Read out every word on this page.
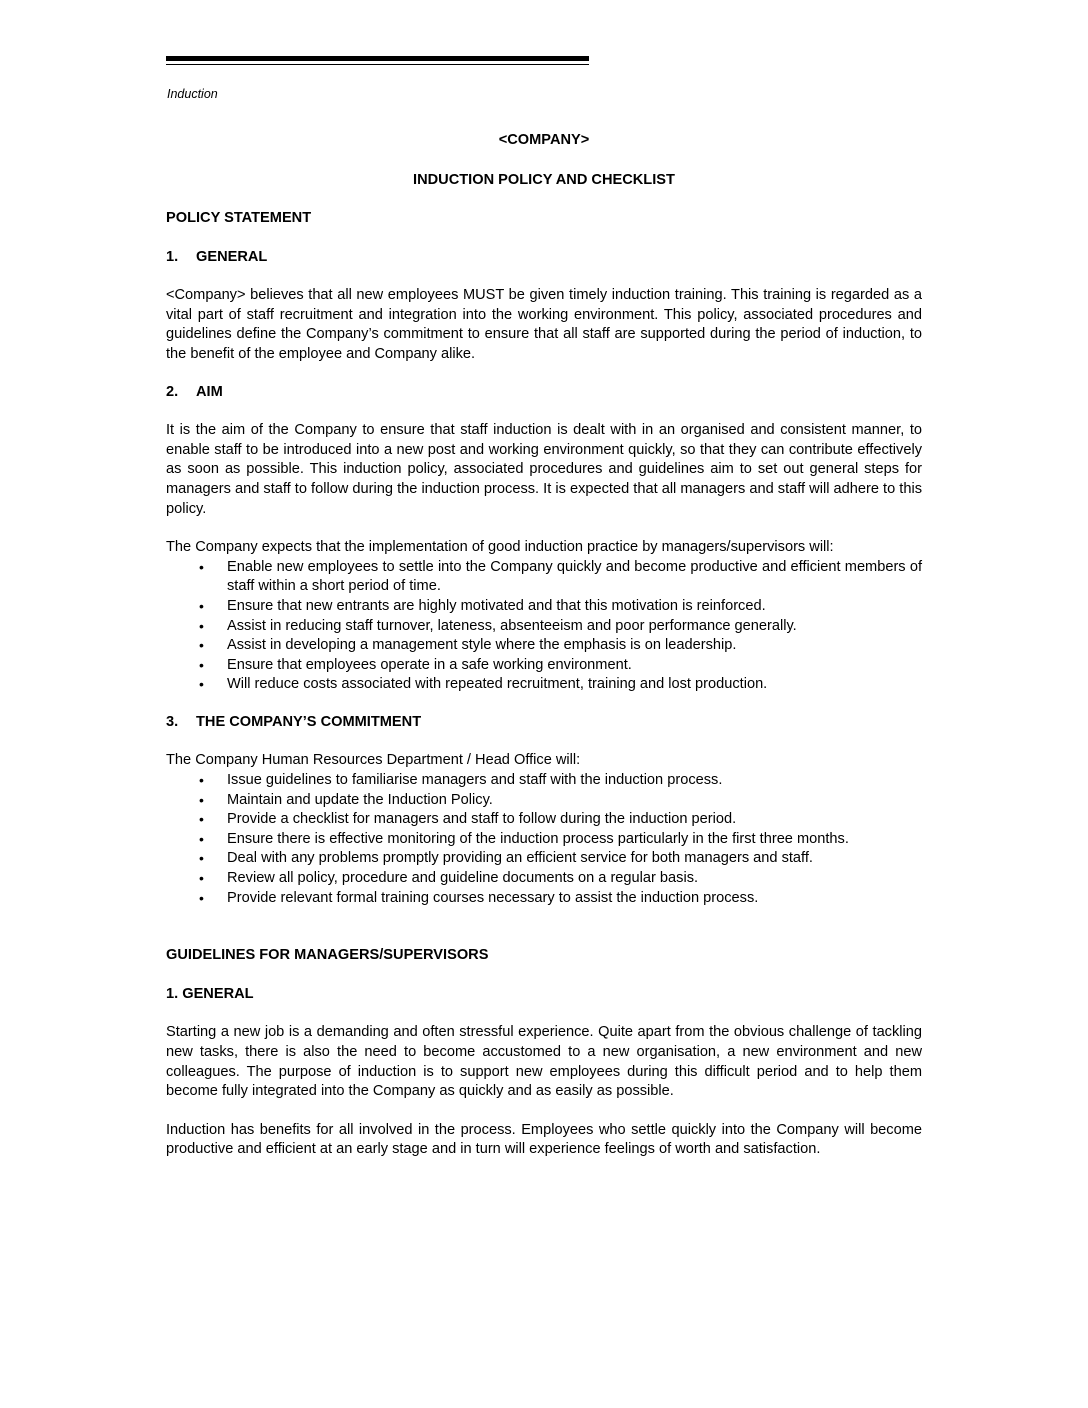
Induction
<COMPANY>
INDUCTION POLICY AND CHECKLIST
POLICY STATEMENT
1. GENERAL

<Company> believes that all new employees MUST be given timely induction training. This training is regarded as a vital part of staff recruitment and integration into the working environment. This policy, associated procedures and guidelines define the Company’s commitment to ensure that all staff are supported during the period of induction, to the benefit of the employee and Company alike.

2. AIM

It is the aim of the Company to ensure that staff induction is dealt with in an organised and consistent manner, to enable staff to be introduced into a new post and working environment quickly, so that they can contribute effectively as soon as possible. This induction policy, associated procedures and guidelines aim to set out general steps for managers and staff to follow during the induction process. It is expected that all managers and staff will adhere to this policy.

The Company expects that the implementation of good induction practice by managers/supervisors will:

• Enable new employees to settle into the Company quickly and become productive and efficient members of staff within a short period of time.
• Ensure that new entrants are highly motivated and that this motivation is reinforced.
• Assist in reducing staff turnover, lateness, absenteeism and poor performance generally.
• Assist in developing a management style where the emphasis is on leadership.
• Ensure that employees operate in a safe working environment.
• Will reduce costs associated with repeated recruitment, training and lost production.
3. THE COMPANY’S COMMITMENT

The Company Human Resources Department / Head Office will:

• Issue guidelines to familiarise managers and staff with the induction process.
• Maintain and update the Induction Policy.
• Provide a checklist for managers and staff to follow during the induction period.
• Ensure there is effective monitoring of the induction process particularly in the first three months.
• Deal with any problems promptly providing an efficient service for both managers and staff.
• Review all policy, procedure and guideline documents on a regular basis.
• Provide relevant formal training courses necessary to assist the induction process.
GUIDELINES FOR MANAGERS/SUPERVISORS
1. GENERAL

Starting a new job is a demanding and often stressful experience. Quite apart from the obvious challenge of tackling new tasks, there is also the need to become accustomed to a new organisation, a new environment and new colleagues. The purpose of induction is to support new employees during this difficult period and to help them become fully integrated into the Company as quickly and as easily as possible.

Induction has benefits for all involved in the process. Employees who settle quickly into the Company will become productive and efficient at an early stage and in turn will experience feelings of worth and satisfaction.
